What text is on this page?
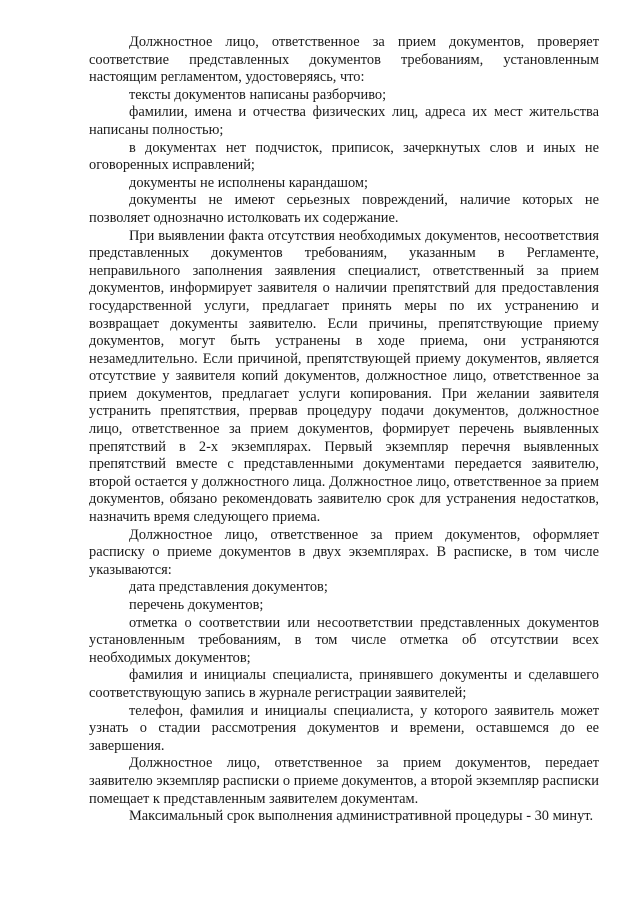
Должностное лицо, ответственное за прием документов, проверяет соответствие представленных документов требованиям, установленным настоящим регламентом, удостоверяясь, что:

тексты документов написаны разборчиво;

фамилии, имена и отчества физических лиц, адреса их мест жительства написаны полностью;

в документах нет подчисток, приписок, зачеркнутых слов и иных не оговоренных исправлений;

документы не исполнены карандашом;

документы не имеют серьезных повреждений, наличие которых не позволяет однозначно истолковать их содержание.

При выявлении факта отсутствия необходимых документов, несоответствия представленных документов требованиям, указанным в Регламенте, неправильного заполнения заявления специалист, ответственный за прием документов, информирует заявителя о наличии препятствий для предоставления государственной услуги, предлагает принять меры по их устранению и возвращает документы заявителю. Если причины, препятствующие приему документов, могут быть устранены в ходе приема, они устраняются незамедлительно. Если причиной, препятствующей приему документов, является отсутствие у заявителя копий документов, должностное лицо, ответственное за прием документов, предлагает услуги копирования. При желании заявителя устранить препятствия, прервав процедуру подачи документов, должностное лицо, ответственное за прием документов, формирует перечень выявленных препятствий в 2-х экземплярах. Первый экземпляр перечня выявленных препятствий вместе с представленными документами передается заявителю, второй остается у должностного лица. Должностное лицо, ответственное за прием документов, обязано рекомендовать заявителю срок для устранения недостатков, назначить время следующего приема.

Должностное лицо, ответственное за прием документов, оформляет расписку о приеме документов в двух экземплярах. В расписке, в том числе указываются:

дата представления документов;

перечень документов;

отметка о соответствии или несоответствии представленных документов установленным требованиям, в том числе отметка об отсутствии всех необходимых документов;

фамилия и инициалы специалиста, принявшего документы и сделавшего соответствующую запись в журнале регистрации заявителей;

телефон, фамилия и инициалы специалиста, у которого заявитель может узнать о стадии рассмотрения документов и времени, оставшемся до ее завершения.

Должностное лицо, ответственное за прием документов, передает заявителю экземпляр расписки о приеме документов, а второй экземпляр расписки помещает к представленным заявителем документам.

Максимальный срок выполнения административной процедуры - 30 минут.
